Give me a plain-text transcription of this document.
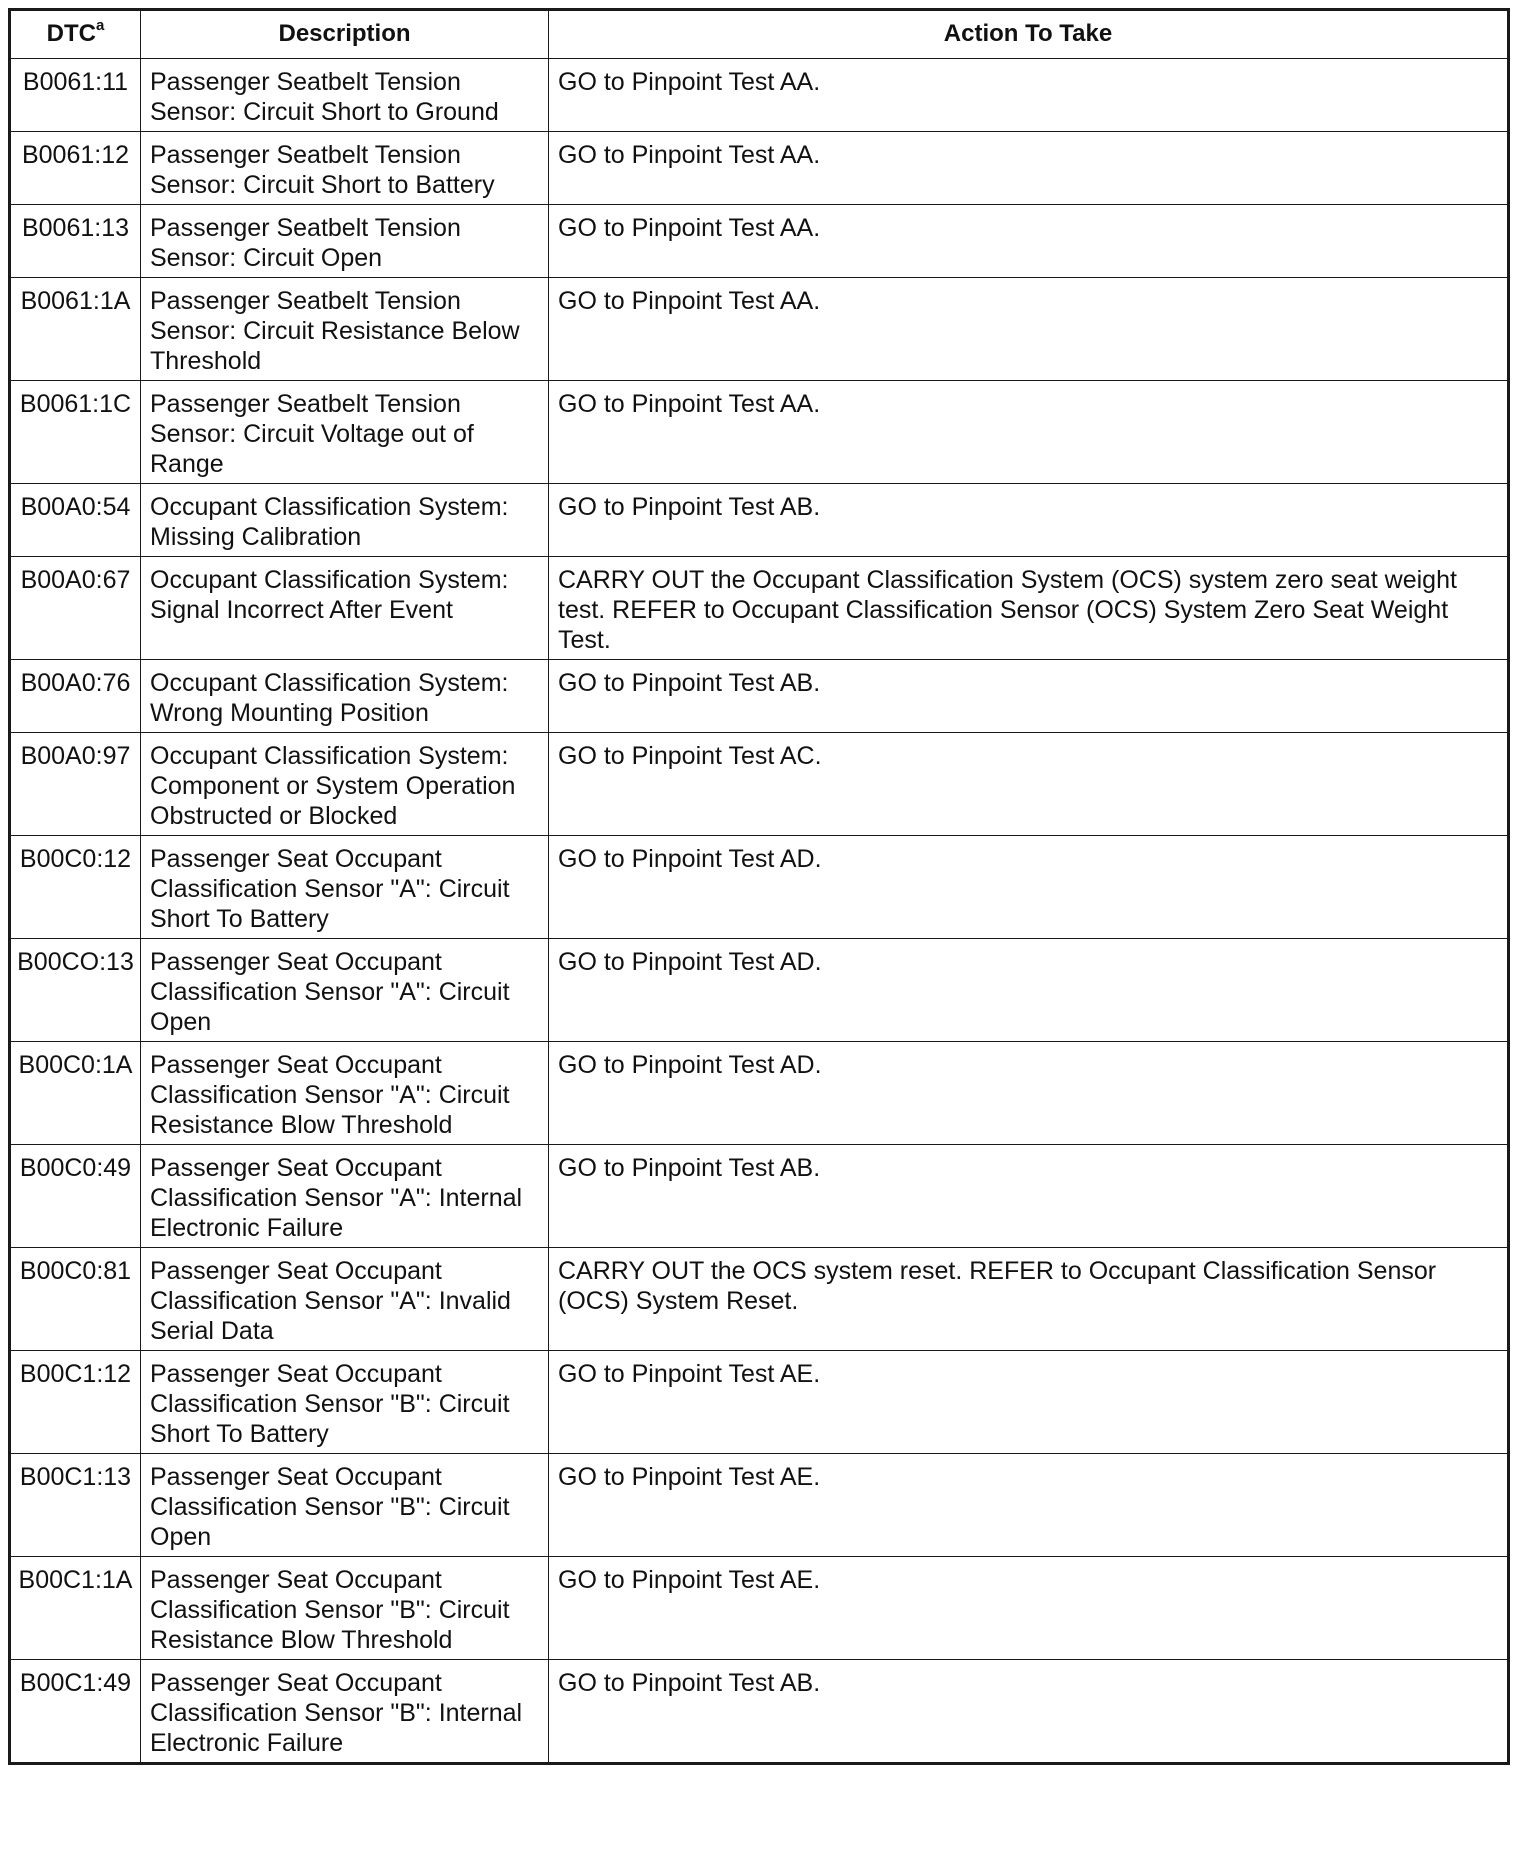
DTC$^a$	Description	Action To Take
B0061:11	Passenger Seatbelt Tension Sensor: Circuit Short to Ground	GO to Pinpoint Test AA.
B0061:12	Passenger Seatbelt Tension Sensor: Circuit Short to Battery	GO to Pinpoint Test AA.
B0061:13	Passenger Seatbelt Tension Sensor: Circuit Open	GO to Pinpoint Test AA.
B0061:1A	Passenger Seatbelt Tension Sensor: Circuit Resistance Below Threshold	GO to Pinpoint Test AA.
B0061:1C	Passenger Seatbelt Tension Sensor: Circuit Voltage out of Range	GO to Pinpoint Test AA.
B00A0:54	Occupant Classification System: Missing Calibration	GO to Pinpoint Test AB.
B00A0:67	Occupant Classification System: Signal Incorrect After Event	CARRY OUT the Occupant Classification System (OCS) system zero seat weight test. REFER to Occupant Classification Sensor (OCS) System Zero Seat Weight Test.
B00A0:76	Occupant Classification System: Wrong Mounting Position	GO to Pinpoint Test AB.
B00A0:97	Occupant Classification System: Component or System Operation Obstructed or Blocked	GO to Pinpoint Test AC.
B00C0:12	Passenger Seat Occupant Classification Sensor "A": Circuit Short To Battery	GO to Pinpoint Test AD.
B00CO:13	Passenger Seat Occupant Classification Sensor "A": Circuit Open	GO to Pinpoint Test AD.
B00C0:1A	Passenger Seat Occupant Classification Sensor "A": Circuit Resistance Blow Threshold	GO to Pinpoint Test AD.
B00C0:49	Passenger Seat Occupant Classification Sensor "A": Internal Electronic Failure	GO to Pinpoint Test AB.
B00C0:81	Passenger Seat Occupant Classification Sensor "A": Invalid Serial Data	CARRY OUT the OCS system reset. REFER to Occupant Classification Sensor (OCS) System Reset.
B00C1:12	Passenger Seat Occupant Classification Sensor "B": Circuit Short To Battery	GO to Pinpoint Test AE.
B00C1:13	Passenger Seat Occupant Classification Sensor "B": Circuit Open	GO to Pinpoint Test AE.
B00C1:1A	Passenger Seat Occupant Classification Sensor "B": Circuit Resistance Blow Threshold	GO to Pinpoint Test AE.
B00C1:49	Passenger Seat Occupant Classification Sensor "B": Internal Electronic Failure	GO to Pinpoint Test AB.
